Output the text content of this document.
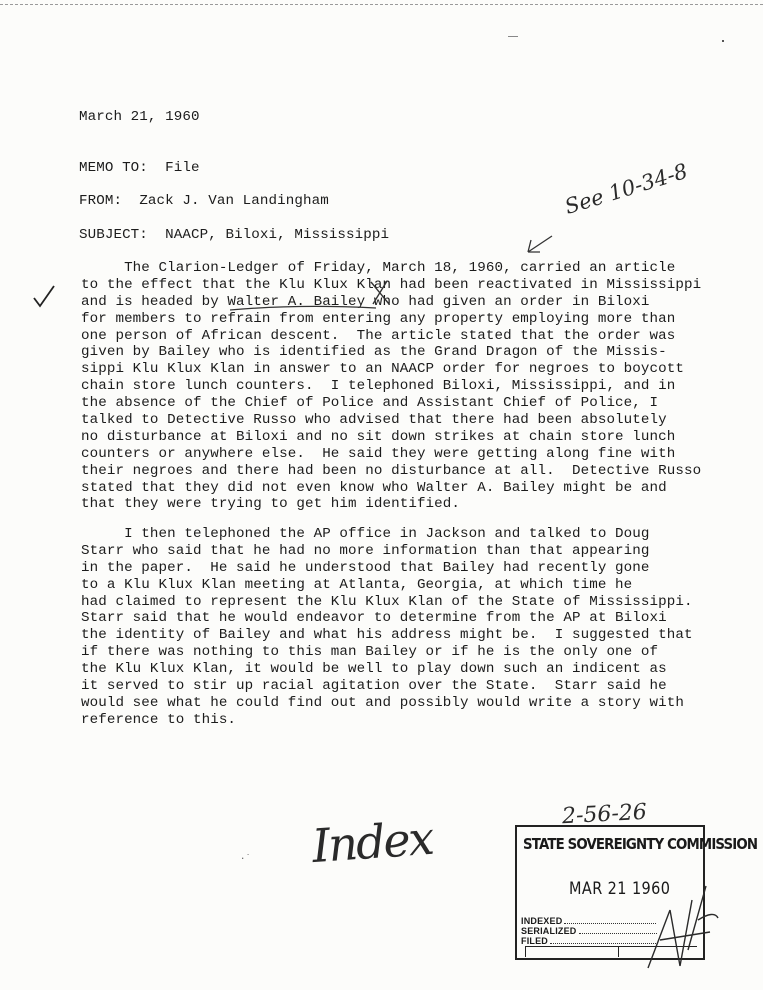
March 21, 1960
MEMO TO: File
FROM: Zack J. Van Landingham
SUBJECT: NAACP, Biloxi, Mississippi
See 10-34-8
The Clarion-Ledger of Friday, March 18, 1960, carried an article
to the effect that the Klu Klux Klan had been reactivated in Mississippi
and is headed by Walter A. Bailey who had given an order in Biloxi
for members to refrain from entering any property employing more than
one person of African descent.  The article stated that the order was
given by Bailey who is identified as the Grand Dragon of the Missis-
sippi Klu Klux Klan in answer to an NAACP order for negroes to boycott
chain store lunch counters.  I telephoned Biloxi, Mississippi, and in
the absence of the Chief of Police and Assistant Chief of Police, I
talked to Detective Russo who advised that there had been absolutely
no disturbance at Biloxi and no sit down strikes at chain store lunch
counters or anywhere else.  He said they were getting along fine with
their negroes and there had been no disturbance at all.  Detective Russo
stated that they did not even know who Walter A. Bailey might be and
that they were trying to get him identified.
I then telephoned the AP office in Jackson and talked to Doug
Starr who said that he had no more information than that appearing
in the paper.  He said he understood that Bailey had recently gone
to a Klu Klux Klan meeting at Atlanta, Georgia, at which time he
had claimed to represent the Klu Klux Klan of the State of Mississippi.
Starr said that he would endeavor to determine from the AP at Biloxi
the identity of Bailey and what his address might be.  I suggested that
if there was nothing to this man Bailey or if he is the only one of
the Klu Klux Klan, it would be well to play down such an indicent as
it served to stir up racial agitation over the State.  Starr said he
would see what he could find out and possibly would write a story with
reference to this.
Index	2-56-26
STATE SOVEREIGNTY COMMISSION
MAR 21 1960
INDEXED
SERIALIZED
FILED
·˙
